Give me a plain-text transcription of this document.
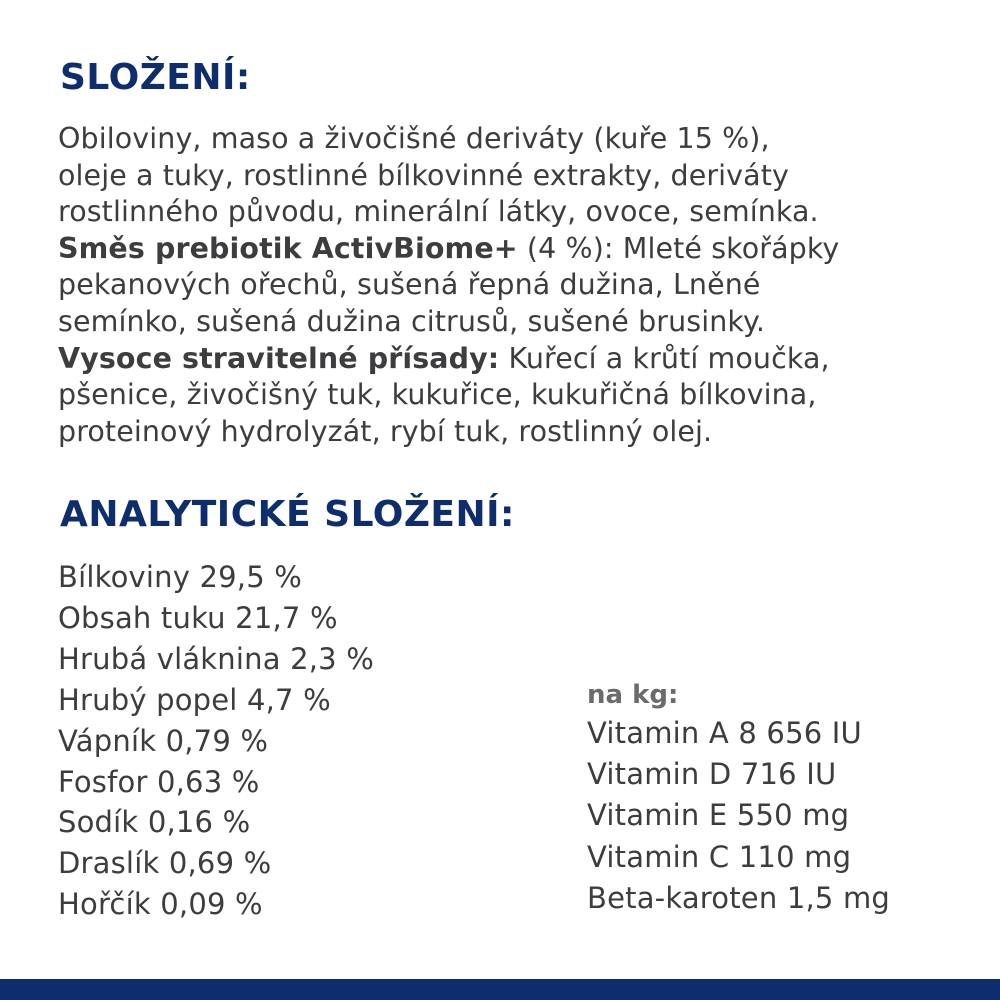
SLOŽENÍ:
Obiloviny, maso a živočišné deriváty (kuře 15 %),
oleje a tuky, rostlinné bílkovinné extrakty, deriváty
rostlinného původu, minerální látky, ovoce, semínka.
Směs prebiotik ActivBiome+ (4 %): Mleté skořápky
pekanových ořechů, sušená řepná dužina, Lněné
semínko, sušená dužina citrusů, sušené brusinky.
Vysoce stravitelné přísady: Kuřecí a krůtí moučka,
pšenice, živočišný tuk, kukuřice, kukuřičná bílkovina,
proteinový hydrolyzát, rybí tuk, rostlinný olej.
ANALYTICKÉ SLOŽENÍ:
Bílkoviny 29,5 %
Obsah tuku 21,7 %
Hrubá vláknina 2,3 %
Hrubý popel 4,7 %
Vápník 0,79 %
Fosfor 0,63 %
Sodík 0,16 %
Draslík 0,69 %
Hořčík 0,09 %
na kg:
Vitamin A 8 656 IU
Vitamin D 716 IU
Vitamin E 550 mg
Vitamin C 110 mg
Beta-karoten 1,5 mg
